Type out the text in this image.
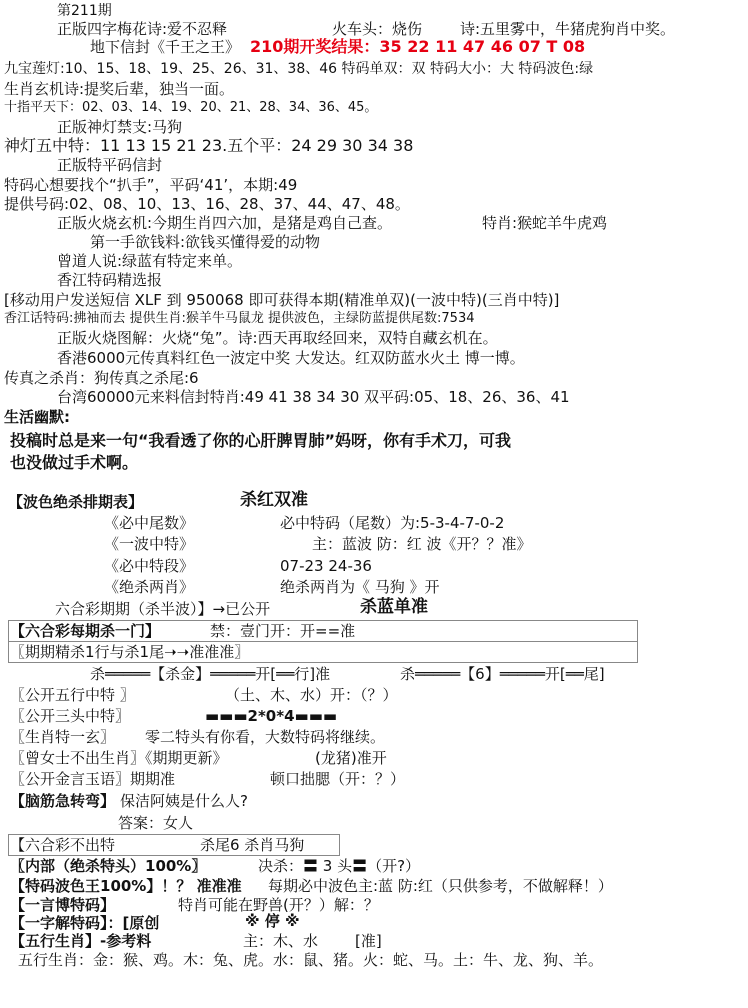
第211期
正版四字梅花诗:爱不忍释	火车头：烧伤	诗:五里雾中，牛猪虎狗肖中奖。
地下信封《千王之王》 210期开奖结果：35 22 11 47 46 07 T 08
九宝莲灯:10、15、18、19、25、26、31、38、46 特码单双：双 特码大小：大 特码波色:绿
生肖玄机诗:提奖后辈，独当一面。
十指平天下：02、03、14、19、20、21、28、34、36、45。
正版神灯禁支:马狗
神灯五中特：11 13 15 21 23.五个平：24 29 30 34 38
正版特平码信封
特码心想要找个“扒手”，平码‘41’，本期:49
提供号码:02、08、10、13、16、28、37、44、47、48。
正版火烧玄机:今期生肖四六加，是猪是鸡自己查。	特肖:猴蛇羊牛虎鸡
第一手欲钱料:欲钱买懂得爱的动物
曾道人说:绿蓝有特定来单。
香江特码精选报
[移动用户发送短信 XLF 到 950068 即可获得本期(精准单双)(一波中特)(三肖中特)]
香江话特码:拂袖而去 提供生肖:猴羊牛马鼠龙 提供波色，主绿防蓝提供尾数:7534
正版火烧图解：火烧“兔”。诗:西天再取经回来，双特自藏玄机在。
香港6000元传真料红色一波定中奖 大发达。红双防蓝水火土 博一博。
传真之杀肖：狗传真之杀尾:6
台湾60000元来料信封特肖:49 41 38 34 30 双平码:05、18、26、36、41
生活幽默:
投稿时总是来一句“我看透了你的心肝脾胃肺”妈呀，你有手术刀，可我
也没做过手术啊。
【波色绝杀排期表】	杀红双准
《必中尾数》	必中特码（尾数）为:5-3-4-7-0-2
《一波中特》	主：蓝波 防：红 波《开？？准》
《必中特段》	07-23 24-36
《绝杀两肖》	绝杀两肖为《 马狗 》开
六合彩期期（杀半波）】→已公开	杀蓝单准
【六合彩每期杀一门】	禁：壹门开：开==准
〖期期精杀1行与杀1尾➝➝准准准〗
杀═════【杀金】═════开[══行]准	杀═════【6】═════开[══尾]
〖公开五行中特 〗	（土、木、水）开：（？）
〖公开三头中特〗	▬▬▬2*0*4▬▬▬
〖生肖特一玄〗 零二特头有你看，大数特码将继续。
〖曾女士不出生肖〗《期期更新》	(龙猪)准开
〖公开金言玉语〗期期准	顿口拙腮（开：？）
【脑筋急转弯】 保洁阿姨是什么人?
答案：女人
【六合彩不出特	杀尾6 杀肖马狗
〖内部（绝杀特头）100%〗	决杀：〓 3 头〓（开?）
【特码波色王100%】！？ 准准准 每期必中波色主:蓝 防:红（只供参考，不做解释！）
【一言博特码】	特肖可能在野兽(开？）解：？
【一字解特码】：[原创	※ 停 ※
【五行生肖】-参考料	主：木、水 [准]
五行生肖：金：猴、鸡。木：兔、虎。水：鼠、猪。火：蛇、马。土：牛、龙、狗、羊。
